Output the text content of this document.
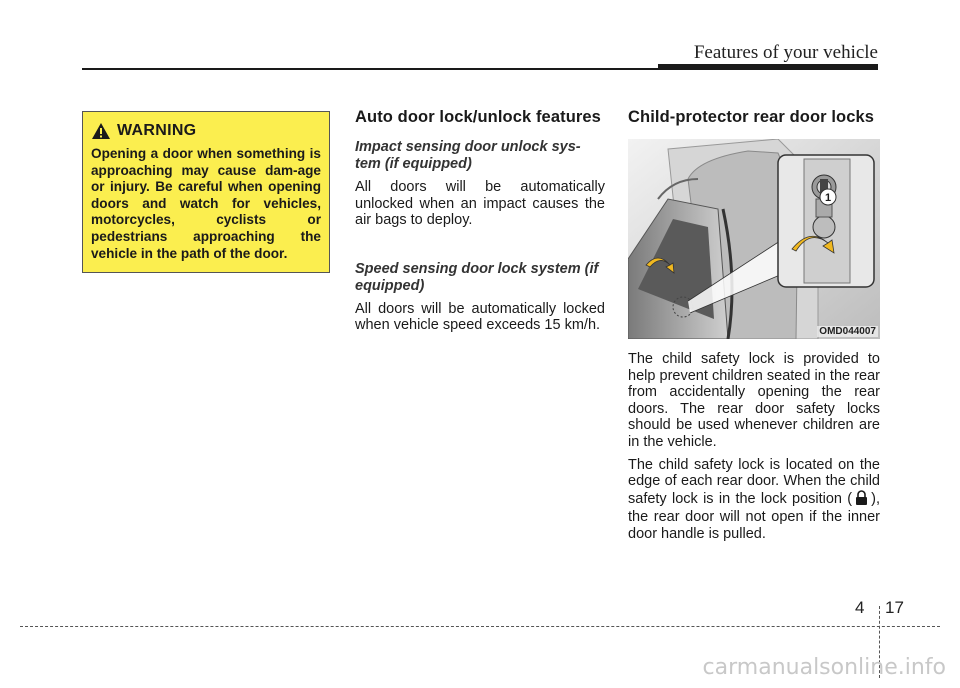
Features of your vehicle
WARNING
Opening a door when something is approaching may cause dam-age or injury. Be careful when opening doors and watch for vehicles, motorcycles, cyclists or pedestrians approaching the vehicle in the path of the door.
Auto door lock/unlock features

Impact sensing door unlock sys-tem (if equipped)

All doors will be automatically unlocked when an impact causes the air bags to deploy.

Speed sensing door lock system (if equipped)

All doors will be automatically locked when vehicle speed exceeds 15 km/h.

Child-protector rear door locks
1
OMD044007

The child safety lock is provided to help prevent children seated in the rear from accidentally opening the rear doors. The rear door safety locks should be used whenever children are in the vehicle.

The child safety lock is located on the edge of each rear door. When the child safety lock is in the lock position ( ), the rear door will not open if the inner door handle is pulled.

4 17
carmanualsonline.info
